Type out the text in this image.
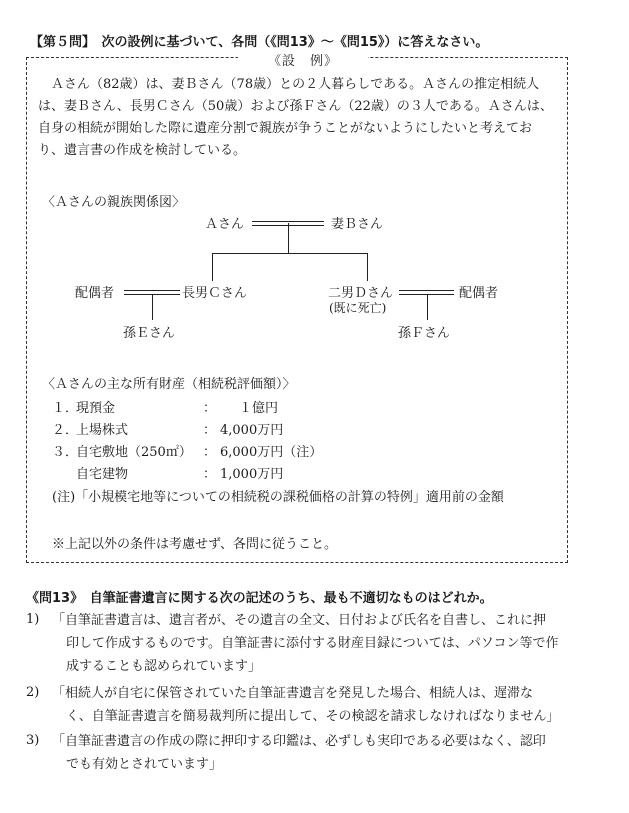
【第５問】　次の設例に基づいて、各問（《問13》～《問15》）に答えなさい。
《設　例》
　Ａさん（82歳）は、妻Ｂさん（78歳）との２人暮らしである。Ａさんの推定相続人
は、妻Ｂさん、長男Ｃさん（50歳）および孫Ｆさん（22歳）の３人である。Ａさんは、
自身の相続が開始した際に遺産分割で親族が争うことがないようにしたいと考えてお
り、遺言書の作成を検討している。
〈Ａさんの親族関係図〉
Ａさん	妻Ｂさん
配偶者	長男Ｃさん	二男Ｄさん
(既に死亡)
配偶者
孫Ｅさん	孫Ｆさん
〈Ａさんの主な所有財産（相続税評価額）〉
１．
現預金	： 　１億円
２．
上場株式	： 4,000万円
３．
自宅敷地（250㎡） ： 6,000万円（注）
自宅建物	： 1,000万円
(注)「小規模宅地等についての相続税の課税価格の計算の特例」適用前の金額
※上記以外の条件は考慮せず、各問に従うこと。
《問13》　自筆証書遺言に関する次の記述のうち、最も不適切なものはどれか。
1) 「自筆証書遺言は、遺言者が、その遺言の全文、日付および氏名を自書し、これに押
印して作成するものです。自筆証書に添付する財産目録については、パソコン等で作
成することも認められています」
2) 「相続人が自宅に保管されていた自筆証書遺言を発見した場合、相続人は、遅滞な
く、自筆証書遺言を簡易裁判所に提出して、その検認を請求しなければなりません」
3) 「自筆証書遺言の作成の際に押印する印鑑は、必ずしも実印である必要はなく、認印
でも有効とされています」
